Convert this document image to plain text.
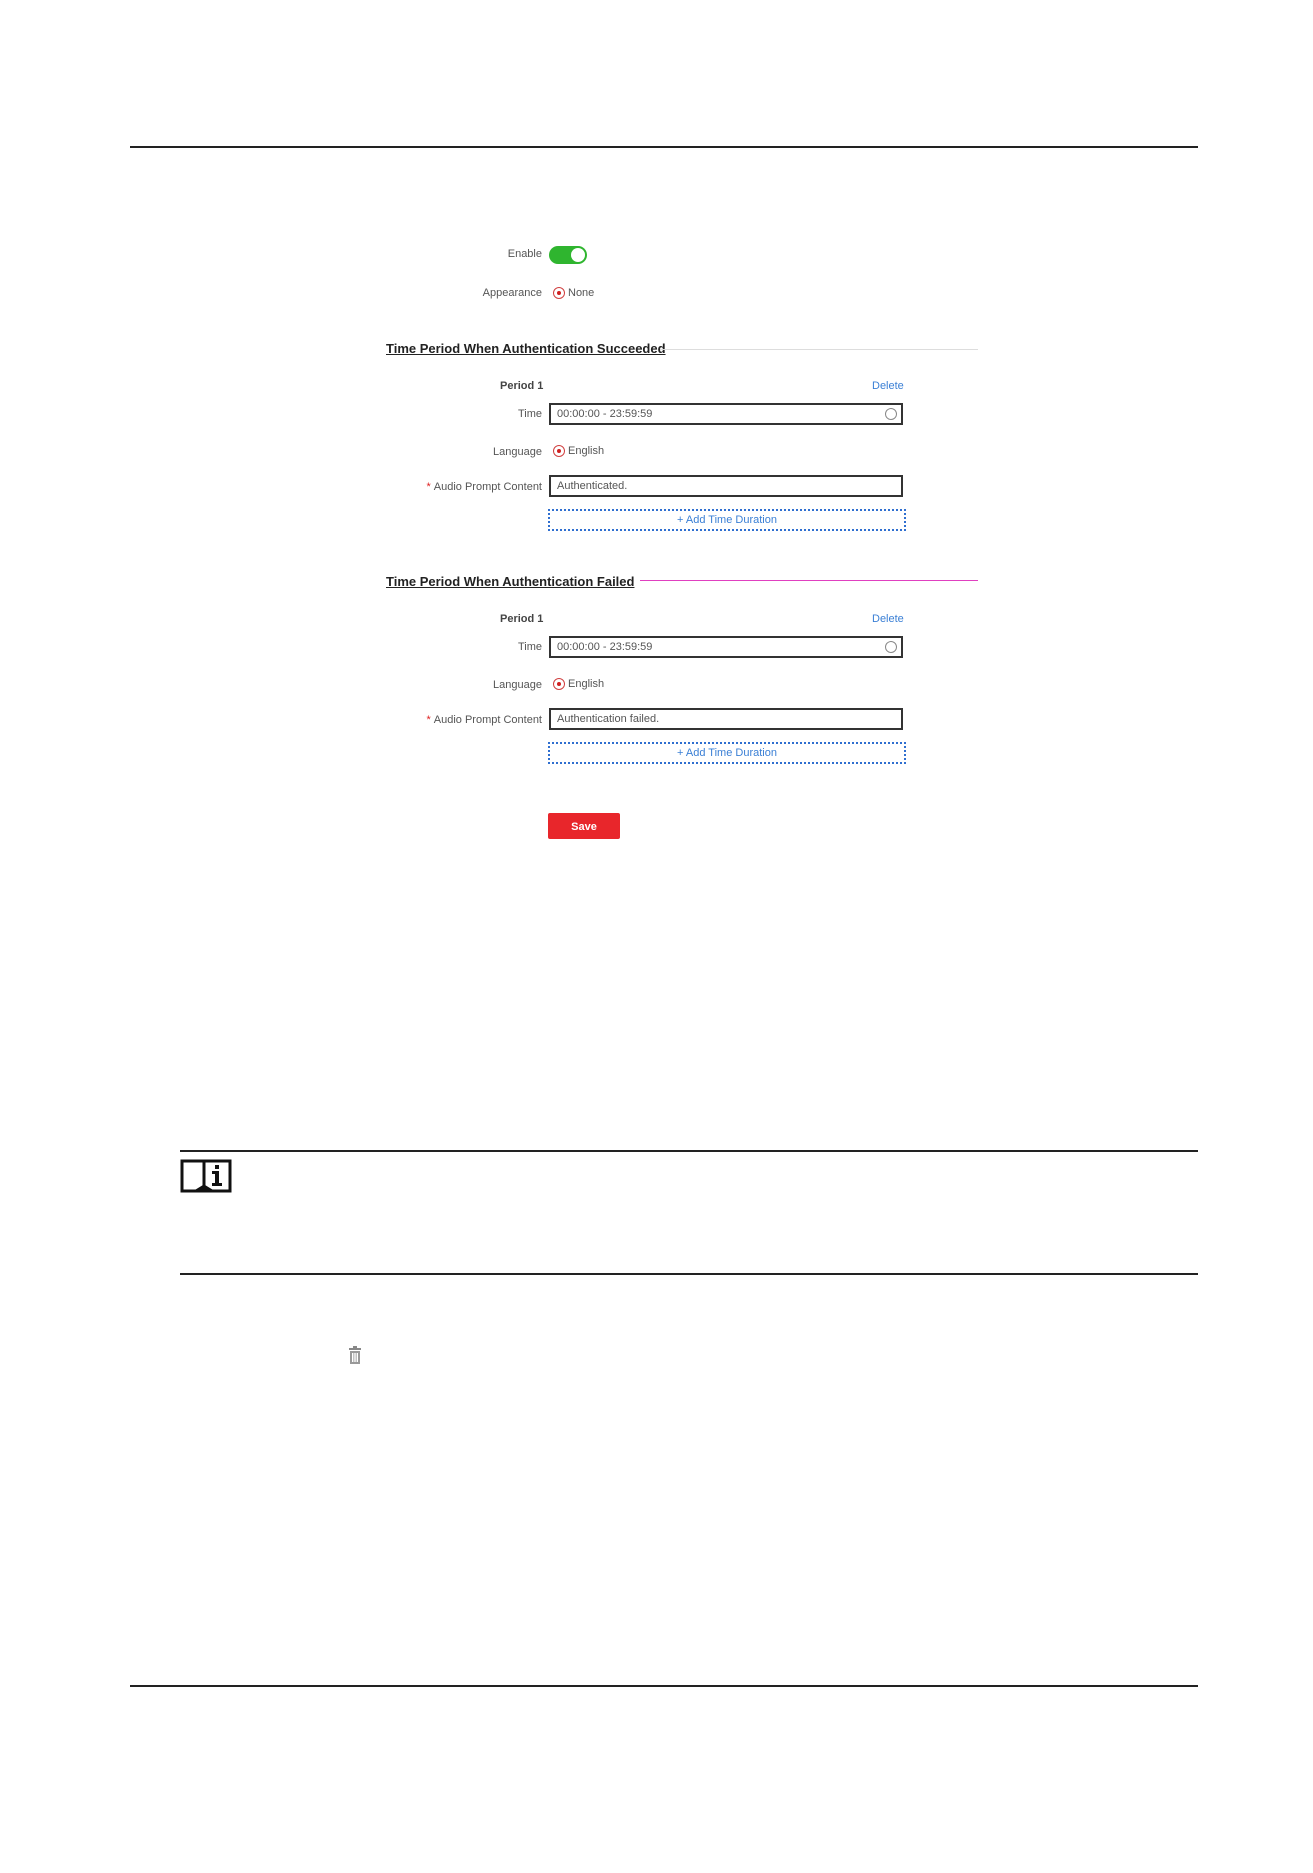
Enable
Appearance None
Time Period When Authentication Succeeded
Period 1	Delete
Time	00:00:00 - 23:59:59
Language English
* Audio Prompt Content	Authenticated.
+ Add Time Duration
Time Period When Authentication Failed
Period 1	Delete
Time	00:00:00 - 23:59:59
Language English
* Audio Prompt Content	Authentication failed.
+ Add Time Duration
Save
